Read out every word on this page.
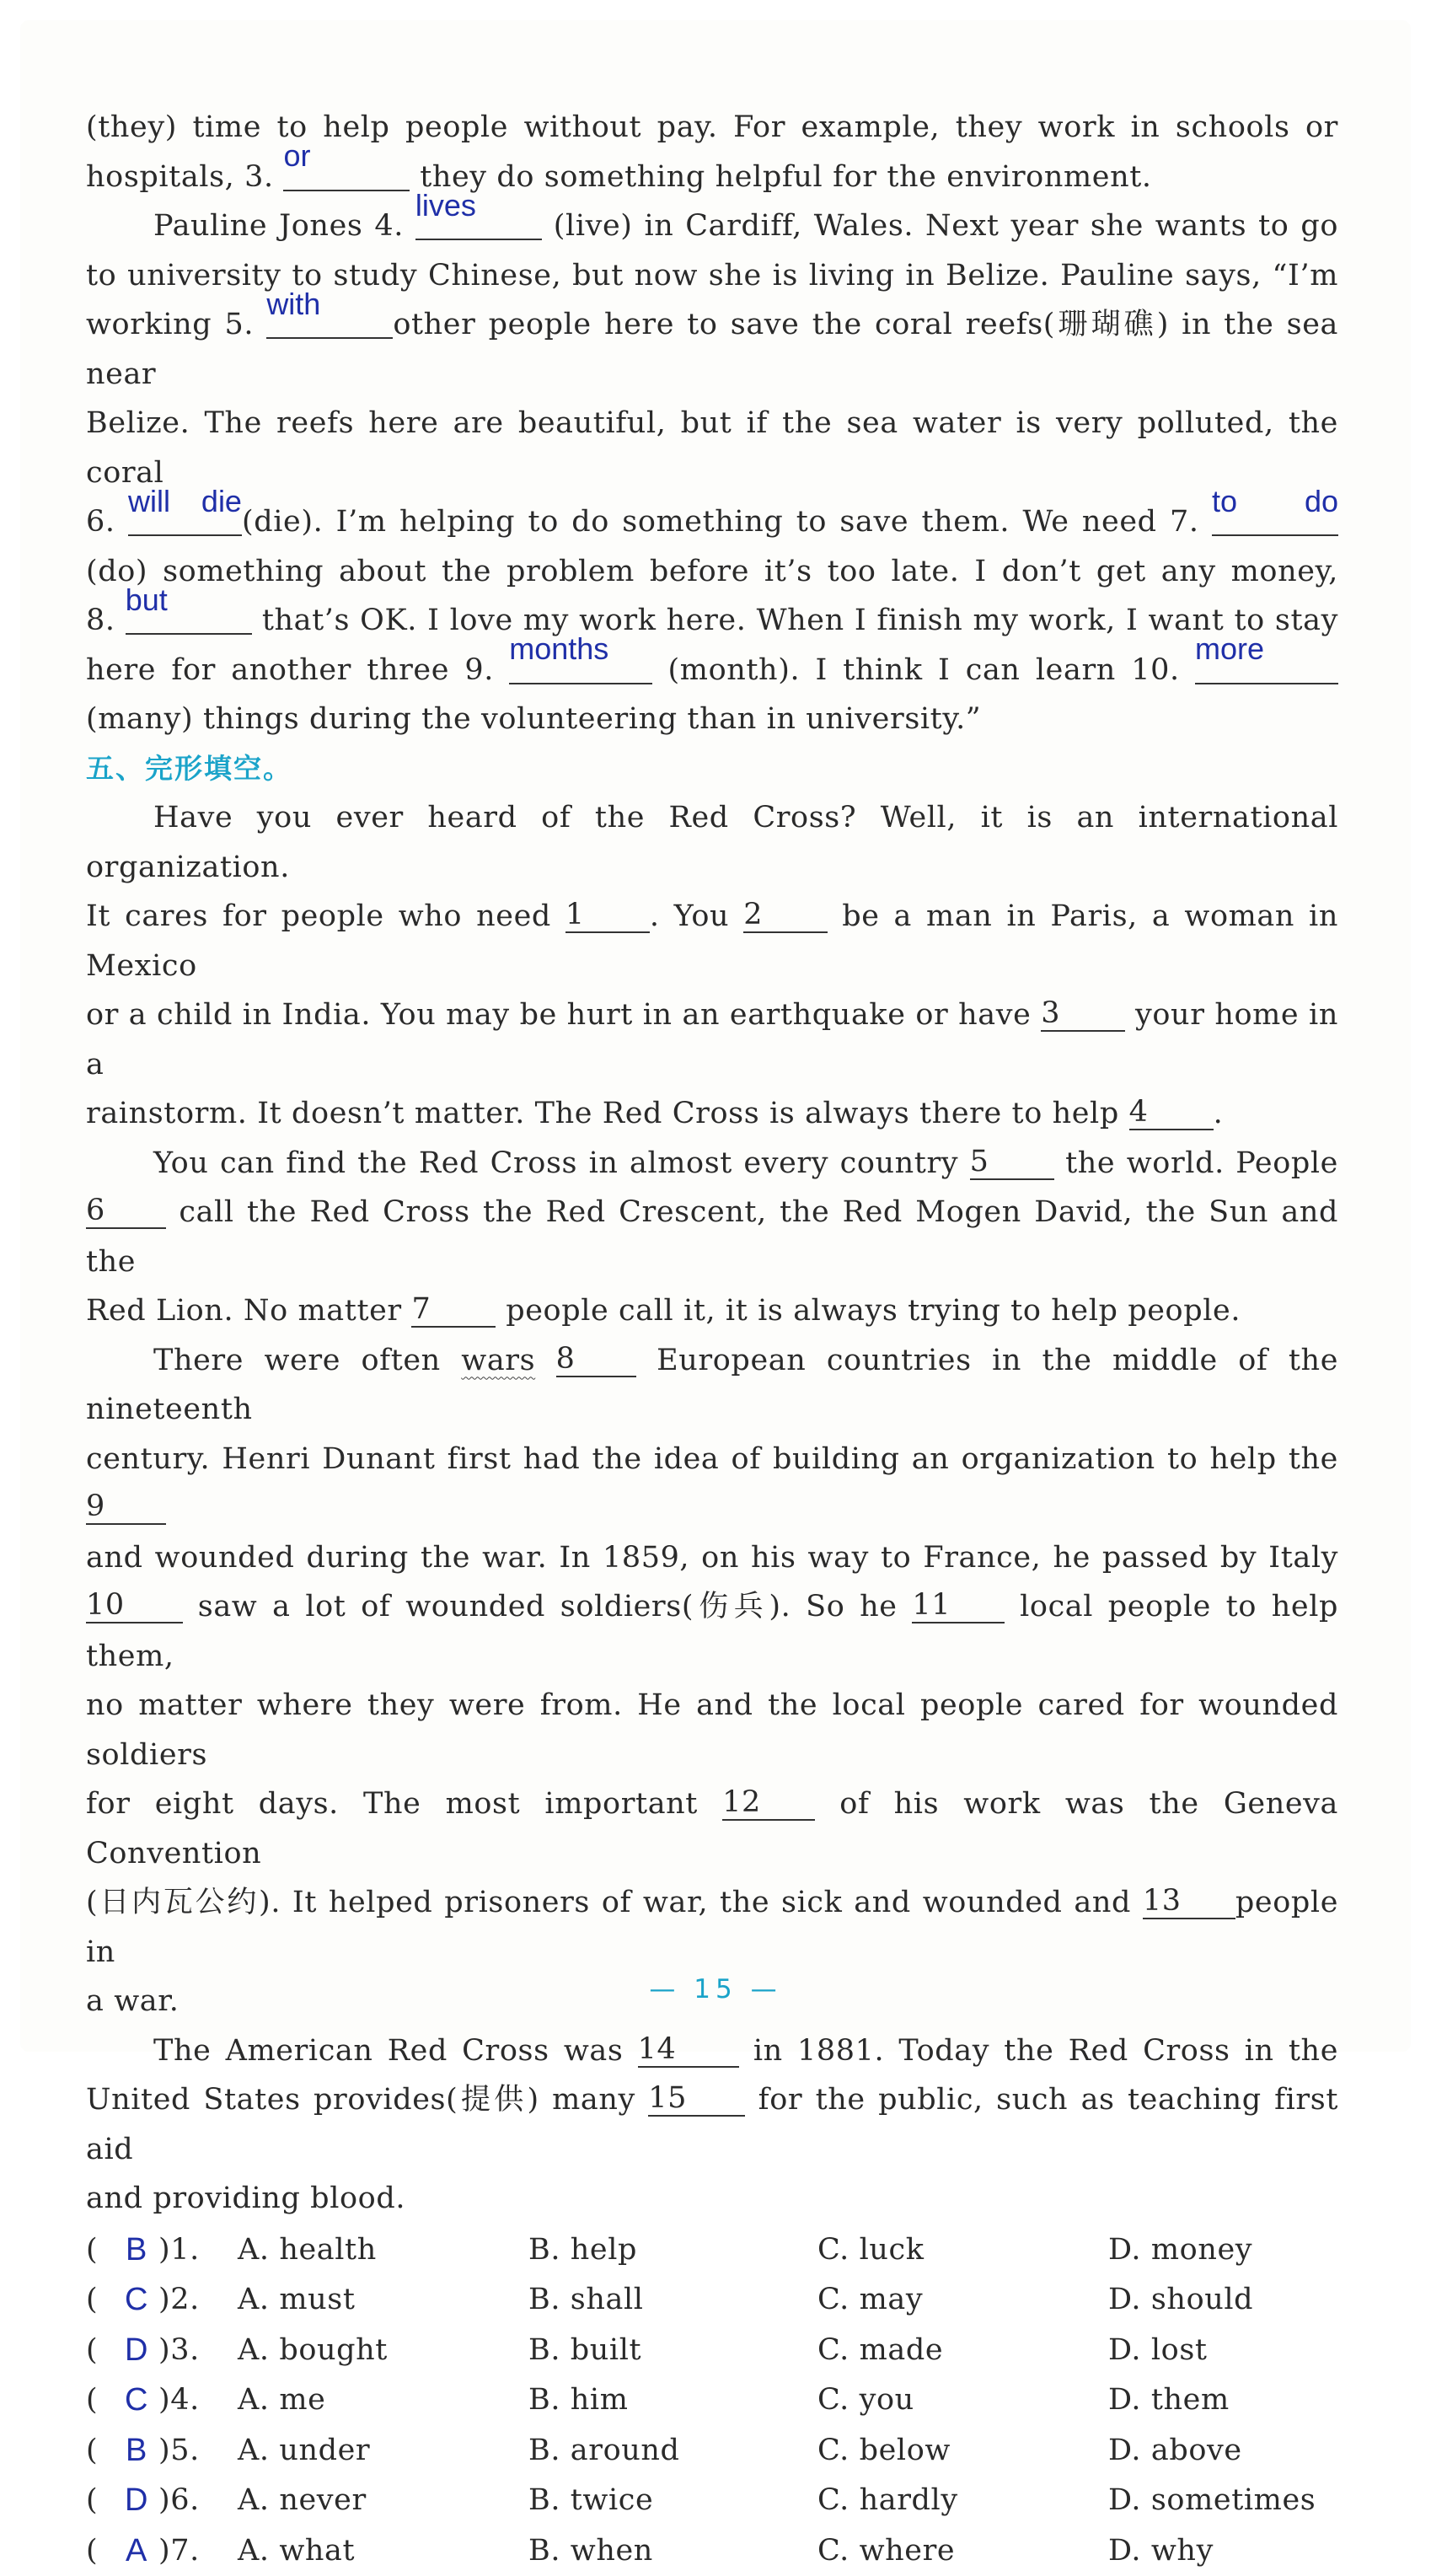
(they) time to help people without pay. For example, they work in schools or

hospitals, 3.
or
they do something helpful for the environment.

Pauline Jones 4.
lives
(live) in Cardiff, Wales. Next year she wants to go

to university to study Chinese, but now she is living in Belize. Pauline says, “I’m

working 5.
with
other people here to save the coral reefs(珊瑚礁) in the sea near

Belize. The reefs here are beautiful, but if the sea water is very polluted, the coral

6.
will die
(die). I’m helping to do something to save them. We need 7.
to do

(do) something about the problem before it’s too late. I don’t get any money,

8.
but
that’s OK. I love my work here. When I finish my work, I want to stay

here for another three 9.
months
(month). I think I can learn 10.
more

(many) things during the volunteering than in university.”

五、完形填空。

Have you ever heard of the Red Cross? Well, it is an international organization.

It cares for people who need 1 . You 2	be a man in Paris, a woman in Mexico

or a child in India. You may be hurt in an earthquake or have 3	your home in a

rainstorm. It doesn’t matter. The Red Cross is always there to help 4 .

You can find the Red Cross in almost every country 5	the world. People

6	call the Red Cross the Red Crescent, the Red Mogen David, the Sun and the

Red Lion. No matter 7	people call it, it is always trying to help people.

There were often wars 8	European countries in the middle of the nineteenth

century. Henri Dunant first had the idea of building an organization to help the 9

and wounded during the war. In 1859, on his way to France, he passed by Italy

10 saw a lot of wounded soldiers(伤兵). So he 11 local people to help them,

no matter where they were from. He and the local people cared for wounded soldiers

for eight days. The most important 12	of his work was the Geneva Convention

(日内瓦公约). It helped prisoners of war, the sick and wounded and 13 people in

a war.

The American Red Cross was 14	in 1881. Today the Red Cross in the

United States provides(提供) many 15 for the public, such as teaching first aid

and providing blood.

( B )1. A. health	B. help	C. luck	D. money
( C )2. A. must	B. shall	C. may	D. should
( D )3. A. bought	B. built	C. made	D. lost
( C )4. A. me	B. him	C. you	D. them
( B )5. A. under	B. around	C. below	D. above
( D )6. A. never	B. twice	C. hardly	D. sometimes
( A )7. A. what	B. when	C. where	D. why
— 15 —
